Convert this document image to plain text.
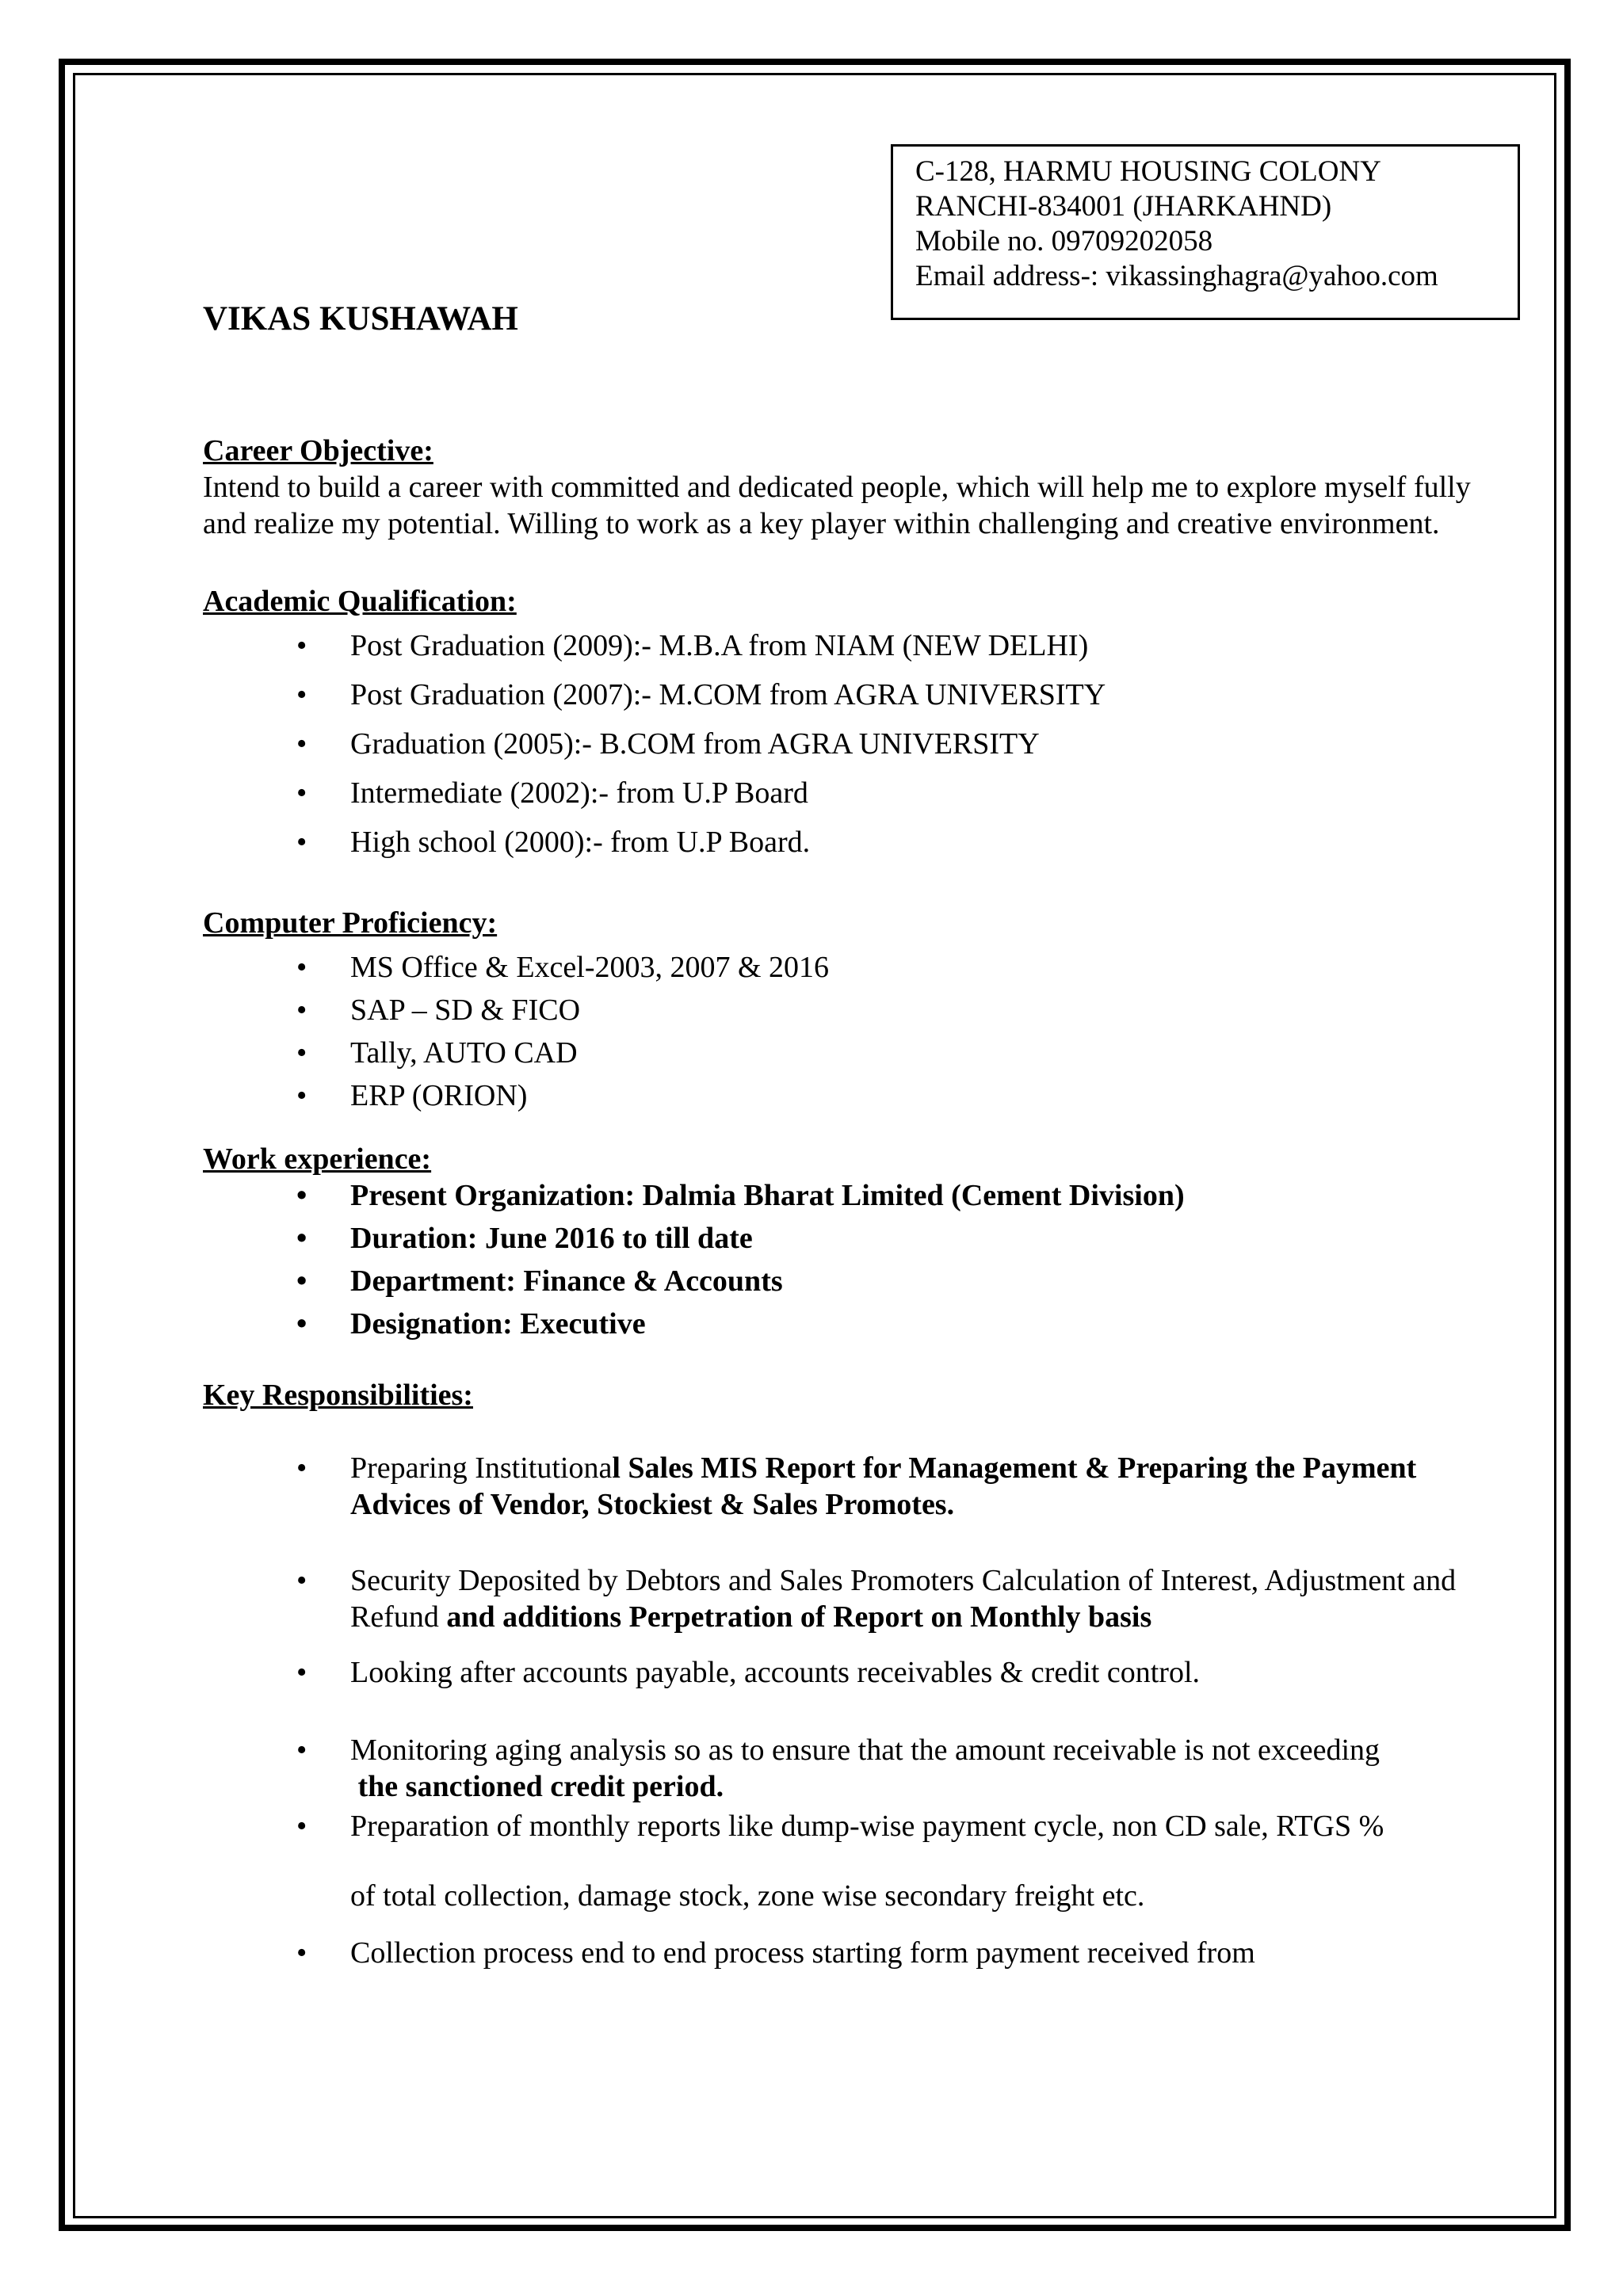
C-128, HARMU HOUSING COLONY
RANCHI-834001 (JHARKAHND)
Mobile no. 09709202058
Email address-: vikassinghagra@yahoo.com
VIKAS KUSHAWAH

Career Objective:

Intend to build a career with committed and dedicated people, which will help me to explore myself fully and realize my potential. Willing to work as a key player within challenging and creative environment.

Academic Qualification:

• Post Graduation (2009):- M.B.A from NIAM (NEW DELHI)
• Post Graduation (2007):- M.COM from AGRA UNIVERSITY
• Graduation (2005):- B.COM from AGRA UNIVERSITY
• Intermediate (2002):- from U.P Board
• High school (2000):- from U.P Board.

Computer Proficiency:

• MS Office & Excel-2003, 2007 & 2016
• SAP – SD & FICO
• Tally, AUTO CAD
• ERP (ORION)

Work experience:

• Present Organization: Dalmia Bharat Limited (Cement Division)
• Duration: June 2016 to till date
• Department: Finance & Accounts
• Designation: Executive

Key Responsibilities:

• Preparing Institutional Sales MIS Report for Management & Preparing the Payment Advices of Vendor, Stockiest & Sales Promotes.
• Security Deposited by Debtors and Sales Promoters Calculation of Interest, Adjustment and Refund and additions Perpetration of Report on Monthly basis
• Looking after accounts payable, accounts receivables & credit control.
• Monitoring aging analysis so as to ensure that the amount receivable is not exceeding
the sanctioned credit period.
• Preparation of monthly reports like dump-wise payment cycle, non CD sale, RTGS %
of total collection, damage stock, zone wise secondary freight etc.
• Collection process end to end process starting form payment received from
